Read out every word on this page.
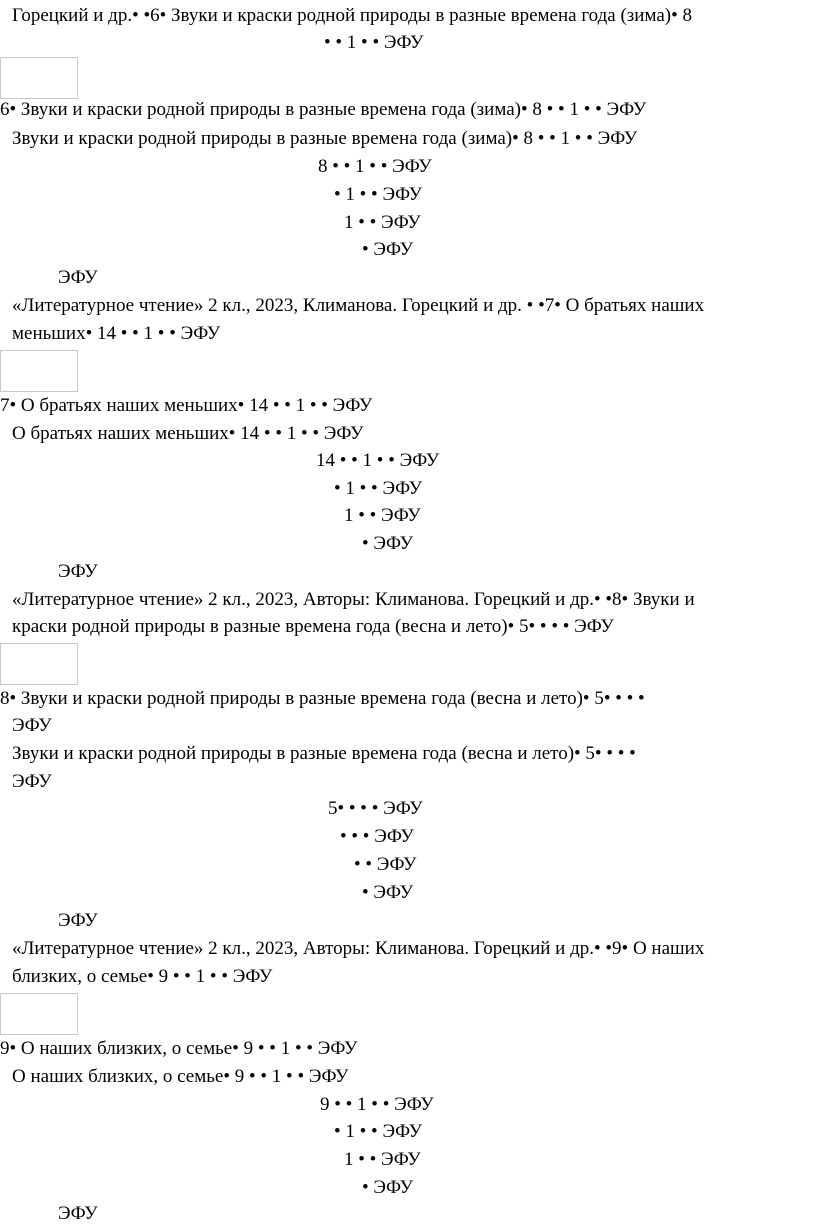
Горецкий и др.• •6• Звуки и краски родной природы в разные времена года (зима)• 8
• • 1 • • ЭФУ
6• Звуки и краски родной природы в разные времена года (зима)• 8 • • 1 • • ЭФУ
Звуки и краски родной природы в разные времена года (зима)• 8 • • 1 • • ЭФУ
8 • • 1 • • ЭФУ
• 1 • • ЭФУ
1 • • ЭФУ
• ЭФУ
ЭФУ
«Литературное чтение» 2 кл., 2023, Климанова. Горецкий и др. • •7• О братьях наших
меньших• 14 • • 1 • • ЭФУ
7• О братьях наших меньших• 14 • • 1 • • ЭФУ
О братьях наших меньших• 14 • • 1 • • ЭФУ
14 • • 1 • • ЭФУ
• 1 • • ЭФУ
1 • • ЭФУ
• ЭФУ
ЭФУ
«Литературное чтение» 2 кл., 2023, Авторы: Климанова. Горецкий и др.• •8• Звуки и
краски родной природы в разные времена года (весна и лето)• 5• • • • ЭФУ
8• Звуки и краски родной природы в разные времена года (весна и лето)• 5• • • •
ЭФУ
Звуки и краски родной природы в разные времена года (весна и лето)• 5• • • •
ЭФУ
5• • • • ЭФУ
• • • ЭФУ
• • ЭФУ
• ЭФУ
ЭФУ
«Литературное чтение» 2 кл., 2023, Авторы: Климанова. Горецкий и др.• •9• О наших
близких, о семье• 9 • • 1 • • ЭФУ
9• О наших близких, о семье• 9 • • 1 • • ЭФУ
О наших близких, о семье• 9 • • 1 • • ЭФУ
9 • • 1 • • ЭФУ
• 1 • • ЭФУ
1 • • ЭФУ
• ЭФУ
ЭФУ
